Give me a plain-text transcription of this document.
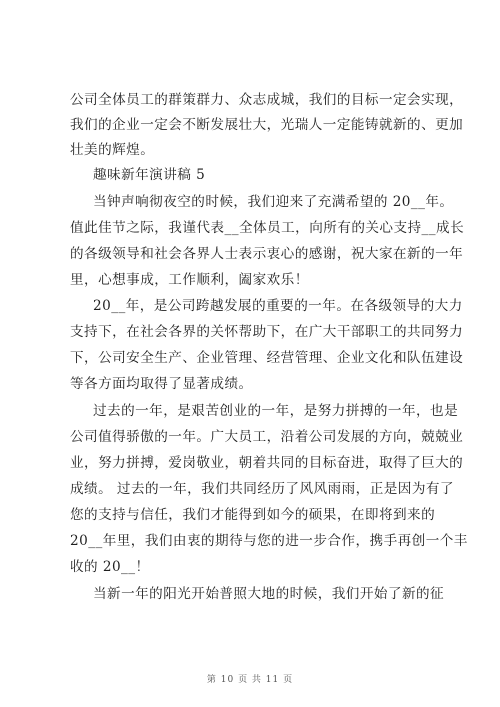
公司全体员工的群策群力、众志成城，我们的目标一定会实现，
我们的企业一定会不断发展壮大，光瑞人一定能铸就新的、更加
壮美的辉煌。
趣味新年演讲稿 5
当钟声响彻夜空的时候，我们迎来了充满希望的 20__年。
值此佳节之际，我谨代表__全体员工，向所有的关心支持__成长
的各级领导和社会各界人士表示衷心的感谢，祝大家在新的一年
里，心想事成，工作顺利，阖家欢乐！
20__年，是公司跨越发展的重要的一年。在各级领导的大力
支持下，在社会各界的关怀帮助下，在广大干部职工的共同努力
下，公司安全生产、企业管理、经营管理、企业文化和队伍建设
等各方面均取得了显著成绩。
过去的一年，是艰苦创业的一年，是努力拼搏的一年，也是
公司值得骄傲的一年。广大员工，沿着公司发展的方向，兢兢业
业，努力拼搏，爱岗敬业，朝着共同的目标奋进，取得了巨大的
成绩。 过去的一年，我们共同经历了风风雨雨，正是因为有了
您的支持与信任，我们才能得到如今的硕果，在即将到来的
20__年里，我们由衷的期待与您的进一步合作，携手再创一个丰
收的 20__！
当新一年的阳光开始普照大地的时候，我们开始了新的征
第 10 页 共 11 页
